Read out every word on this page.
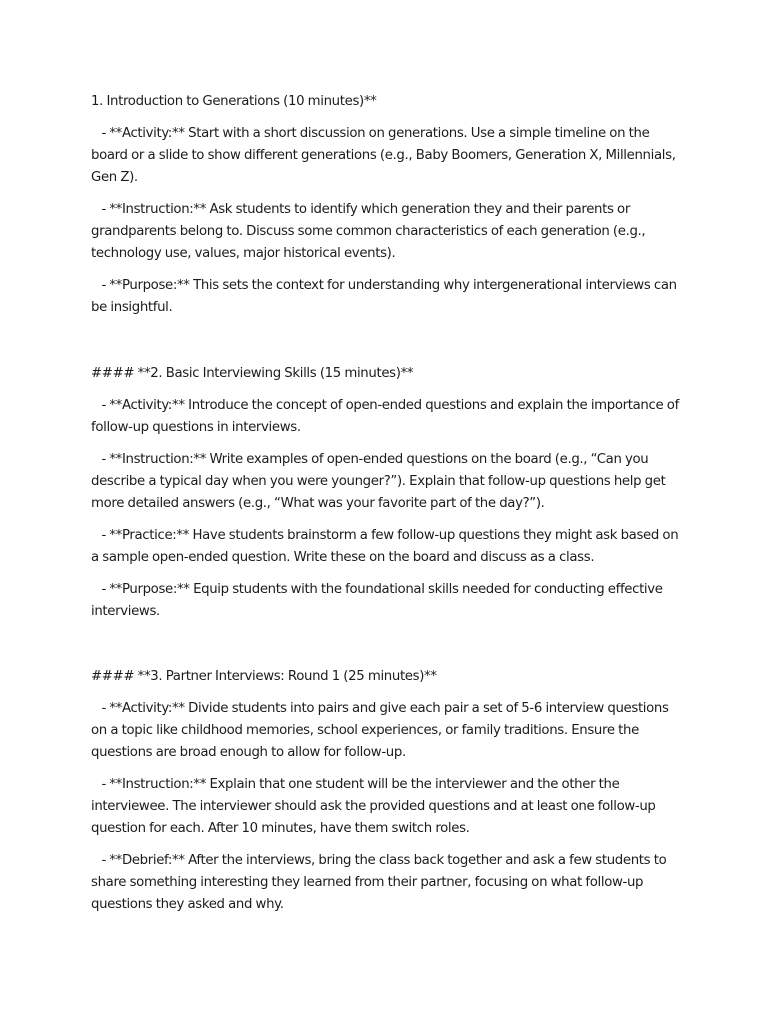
1. Introduction to Generations (10 minutes)**

- **Activity:** Start with a short discussion on generations. Use a simple timeline on the board or a slide to show different generations (e.g., Baby Boomers, Generation X, Millennials, Gen Z).

- **Instruction:** Ask students to identify which generation they and their parents or grandparents belong to. Discuss some common characteristics of each generation (e.g., technology use, values, major historical events).

- **Purpose:** This sets the context for understanding why intergenerational interviews can be insightful.

#### **2. Basic Interviewing Skills (15 minutes)**

- **Activity:** Introduce the concept of open-ended questions and explain the importance of follow-up questions in interviews.

- **Instruction:** Write examples of open-ended questions on the board (e.g., “Can you describe a typical day when you were younger?”). Explain that follow-up questions help get more detailed answers (e.g., “What was your favorite part of the day?”).

- **Practice:** Have students brainstorm a few follow-up questions they might ask based on a sample open-ended question. Write these on the board and discuss as a class.

- **Purpose:** Equip students with the foundational skills needed for conducting effective interviews.

#### **3. Partner Interviews: Round 1 (25 minutes)**

- **Activity:** Divide students into pairs and give each pair a set of 5-6 interview questions on a topic like childhood memories, school experiences, or family traditions. Ensure the questions are broad enough to allow for follow-up.

- **Instruction:** Explain that one student will be the interviewer and the other the interviewee. The interviewer should ask the provided questions and at least one follow-up question for each. After 10 minutes, have them switch roles.

- **Debrief:** After the interviews, bring the class back together and ask a few students to share something interesting they learned from their partner, focusing on what follow-up questions they asked and why.
